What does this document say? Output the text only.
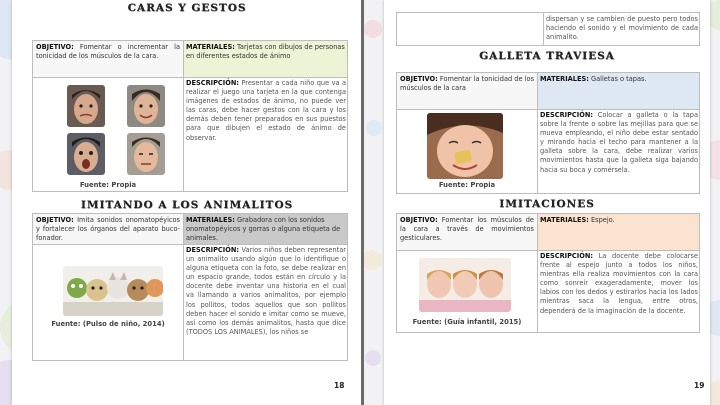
CARAS Y GESTOS
OBJETIVO: Fomentar o incrementar la tonicidad de los músculos de la cara.
MATERIALES: Tarjetas con dibujos de personas en diferentes estados de ánimo
DESCRIPCIÓN: Presentar a cada niño que va a realizar el juego una tarjeta en la que contenga imágenes de estados de ánimo, no puede ver las caras, debe hacer gestos con la cara y los demás deben tener preparados en sus puestos para que dibujen el estado de ánimo de observar.
Fuente: Propia
IMITANDO A LOS ANIMALITOS
OBJETIVO: Imita sonidos onomatopéyicos y fortalecer los órganos del aparato buco-fonador.
MATERIALES: Grabadora con los sonidos onomatopéyicos y gorras o alguna etiqueta de animales.
DESCRIPCIÓN: Varios niños deben representar un animalito usando algún que lo identifique o alguna etiqueta con la foto, se debe realizar en un espacio grande, todos están en círculo y la docente debe inventar una historia en el cual va llamando a varios animalitos, por ejemplo los pollitos, todos aquellos que son pollitos deben hacer el sonido e imitar como se mueve, así como los demás animalitos, hasta que dice (TODOS LOS ANIMALES), los niños se
Fuente: (Pulso de niño, 2014)
18
dispersan y se cambien de puesto pero todos haciendo el sonido y el movimiento de cada animalito.
GALLETA TRAVIESA
OBJETIVO: Fomentar la tonicidad de los músculos de la cara
MATERIALES: Galletas o tapas.
DESCRIPCIÓN: Colocar a galleta o la tapa sobre la frente o sobre las mejillas para que se mueva empleando, el niño debe estar sentado y mirando hacia el techo para mantener a la galleta sobre la cara, debe realizar varios movimientos hasta que la galleta siga bajando hacia su boca y comérsela.
Fuente: Propia
IMITACIONES
OBJETIVO: Fomentar los músculos de la cara a través de movimientos gesticulares.
MATERIALES: Espejo.
DESCRIPCIÓN: La docente debe colocarse frente al espejo junto a todos los niños, mientras ella realiza movimientos con la cara como sonreír exageradamente, mover los labios con los dedos y estirarlos hacia los lados mientras saca la lengua, entre otros, dependerá de la imaginación de la docente.
Fuente: (Guía infantil, 2015)
19
